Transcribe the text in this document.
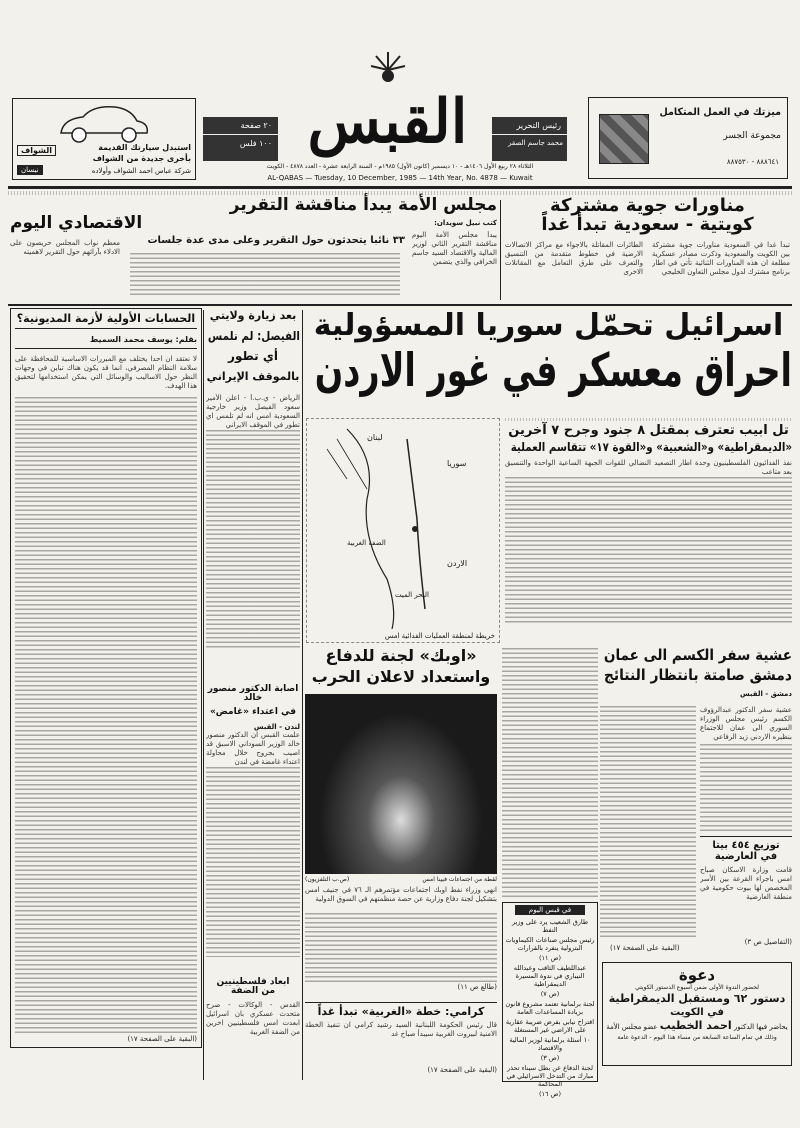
استبدل سيارتك القديمة
بأخرى جديدة من الشواف
الشواف
شركة عباس احمد الشواف وأولاده
نيسان
٢٠ صفحة
١٠٠ فلس القبس	رئيس التحرير
محمد جاسم الصقر
ميزتك في العمل المتكامل
مجموعة الجسر
٨٨٨٦٤١ - ٨٨٧٥٣٠
الثلاثاء ٢٨ ربيع الأول ١٤٠٦هـ - ١٠ ديسمبر (كانون الأول) ١٩٨٥م - السنة الرابعة عشرة - العدد ٤٨٧٨ - الكويت
AL-QABAS — Tuesday, 10 December, 1985 — 14th Year, No. 4878 — Kuwait
مناورات جوية مشتركة
كويتية - سعودية تبدأ غداً
تبدأ غدا في السعودية مناورات جوية مشتركة بين الكويت والسعودية وذكرت مصادر عسكرية مطلعة ان هذه المناورات الثنائية تأتي في اطار برنامج مشترك لدول مجلس التعاون الخليجي
الطائرات المقاتلة بالاجواء مع مراكز الاتصالات الارضية في خطوط متقدمة من التنسيق والتعرف على طرق التعامل مع المقاتلات الاخرى
مجلس الأمة يبدأ مناقشة التقرير
الاقتصادي اليوم	كتب نبيل سويدان:
٣٣ نائبا يتحدثون حول التقرير وعلى مدى عدة جلسات يبدأ مجلس الأمة اليوم مناقشة التقرير الثاني لوزير المالية والاقتصاد السيد جاسم الخرافي والذي يتضمن
معظم نواب المجلس حريصون على الادلاء بآرائهم حول التقرير لاهميته
الحسابات الأولية لأزمة المديونية؟
بقلم: يوسف محمد السميط
لا نعتقد ان احدا يختلف مع المبررات الاساسية للمحافظة على سلامة النظام المصرفي، انما قد يكون هناك تباين في وجهات النظر حول الاساليب والوسائل التي يمكن استخدامها لتحقيق هذا الهدف.
(البقية على الصفحة ١٧)
بعد زيارة ولايتي
الفيصل: لم نلمس
أي تطور
بالموقف الإيراني
الرياض - ي.ب.أ - اعلن الأمير سعود الفيصل وزير خارجية السعودية امس انه لم تلمس اي تطور في الموقف الايراني
اصابة الدكتور منصور خالد
في اعتداء «غامض»
لندن - القبس
علمت القبس ان الدكتور منصور خالد الوزير السوداني الاسبق قد اصيب بجروح خلال محاولة اعتداء غامضة في لندن
ابعاد فلسطينيين
من الضفة
القدس - الوكالات - صرح متحدث عسكري بان اسرائيل ابعدت امس فلسطينيين اخرين من الضفة الغربية
اسرائيل تحمّل سوريا المسؤولية
احراق معسكر في غور الاردن
لبنان
سوريا
الاردن
البحر الميت
الضفة الغربية
خريطة لمنطقة العمليات الفدائية امس
تل ابيب تعترف بمقتل ٨ جنود وجرح ٧ آخرين
«الديمقراطية» و«الشعبية» و«القوة ١٧» تتقاسم العملية
نفذ الفدائيون الفلسطينيون وحدة اطار التصعيد النضالي للقوات الجبهة الساعية الواحدة والتنسيق بعد متاعب
«اوبك» لجنة للدفاع
واستعداد لاعلان الحرب
(ص.ب التلفزيون)	لقطة من اجتماعات فيينا امس
انهى وزراء نفط اوبك اجتماعات مؤتمرهم الـ ٧٦ في جنيف امس بتشكيل لجنة دفاع وزارية عن حصة منظمتهم في السوق الدولية
(طالع ص ١١)
كرامي: خطة «الغربية» تبدأ غداً
قال رئيس الحكومة اللبنانية السيد رشيد كرامي ان تنفيذ الخطة الامنية لبيروت الغربية سيبدأ صباح غد
(البقية على الصفحة ١٧)
في قبس اليوم
طارق الشعيب يرد على وزير النفط
رئيس مجلس صناعات الكيماويات البترولية ينفرد بالقرارات
(ص ١١)
عبداللطيف الثاقب وعبدالله النيباري في ندوة المسيرة الديمقراطية
(ص ٧)
لجنة برلمانية تعتمد مشروع قانون بزيادة المساعدات العامة
اقتراح نيابي بفرض ضريبة عقارية على الاراضي غير المستغلة
١٠ أسئلة برلمانية لوزير المالية والاقتصاد
(ص ٣)
لجنة الدفاع عن بطل سيناء تحذر مبارك من التدخل الاسرائيلي في المحاكمة
(ص ١٦)
عشية سفر الكسم الى عمان
دمشق صامتة بانتظار النتائج
دمشق - القبس
عشية سفر الدكتور عبدالرؤوف الكسم رئيس مجلس الوزراء السوري الى عمان للاجتماع بنظيره الاردني زيد الرفاعي
(البقية على الصفحة ١٧)
توزيع ٤٥٤ بيتا
في العارضية
قامت وزارة الاسكان صباح امس باجراء القرعة بين الأسر المخصص لها بيوت حكومية في منطقة العارضية
(التفاصيل ص ٣)
دعوة
لحضور الندوة الأولى ضمن أسبوع الدستور الكويتي
دستور ٦٢ ومستقبل الديمقراطية
في الكويت
يحاضر فيها الدكتور احمد الخطيب عضو مجلس الأمة
وذلك في تمام الساعة السابعة من مساء هذا اليوم - الدعوة عامة
